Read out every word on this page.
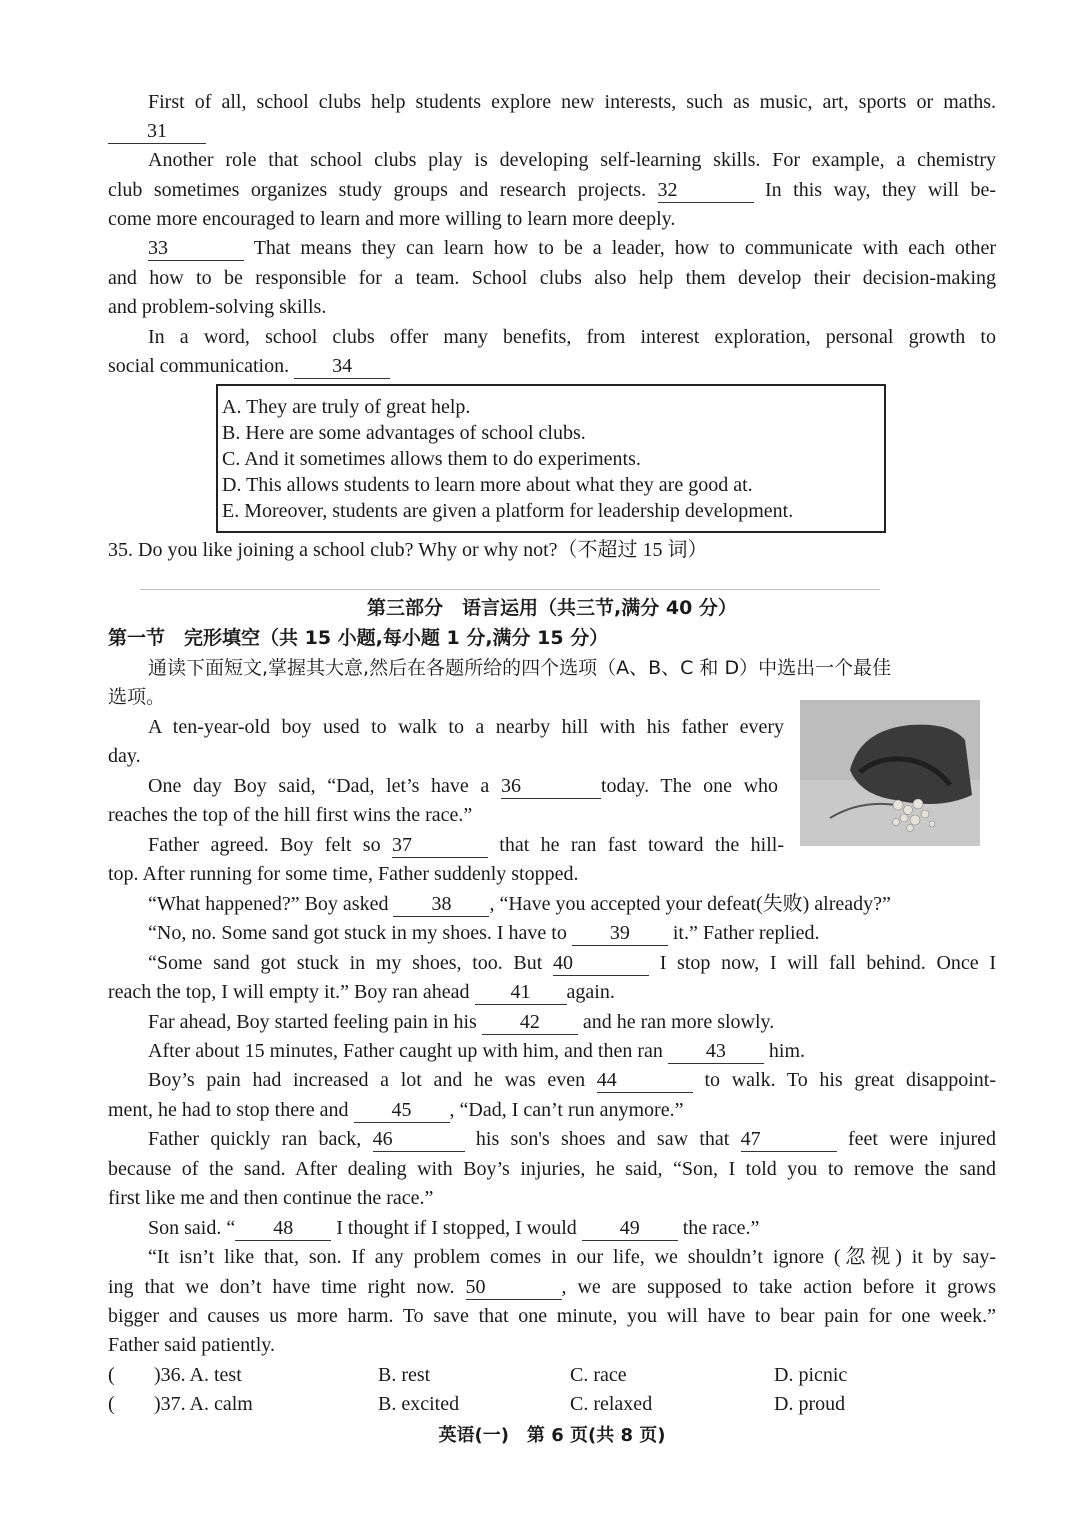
First of all, school clubs help students explore new interests, such as music, art, sports or maths.
31
Another role that school clubs play is developing self-learning skills. For example, a chemistry
club sometimes organizes study groups and research projects. 32	In this way, they will be-
come more encouraged to learn and more willing to learn more deeply.
33	That means they can learn how to be a leader, how to communicate with each other
and how to be responsible for a team. School clubs also help them develop their decision-making
and problem-solving skills.
In a word, school clubs offer many benefits, from interest exploration, personal growth to
social communication. 34
A. They are truly of great help.
B. Here are some advantages of school clubs.
C. And it sometimes allows them to do experiments.
D. This allows students to learn more about what they are good at.
E. Moreover, students are given a platform for leadership development.
35. Do you like joining a school club? Why or why not?（不超过 15 词）
第三部分　语言运用（共三节,满分 40 分）
第一节　完形填空（共 15 小题,每小题 1 分,满分 15 分）
通读下面短文,掌握其大意,然后在各题所给的四个选项（A、B、C 和 D）中选出一个最佳
选项。
A ten-year-old boy used to walk to a nearby hill with his father every
day.
One day Boy said, “Dad, let’s have a 36	today. The one who
reaches the top of the hill first wins the race.”
Father agreed. Boy felt so 37	that he ran fast toward the hill-
top. After running for some time, Father suddenly stopped.
“What happened?” Boy asked 38 , “Have you accepted your defeat(失败) already?”
“No, no. Some sand got stuck in my shoes. I have to 39 it.” Father replied.
“Some sand got stuck in my shoes, too. But 40	I stop now, I will fall behind. Once I
reach the top, I will empty it.” Boy ran ahead 41 again.
Far ahead, Boy started feeling pain in his 42 and he ran more slowly.
After about 15 minutes, Father caught up with him, and then ran 43 him.
Boy’s pain had increased a lot and he was even 44	to walk. To his great disappoint-
ment, he had to stop there and 45 , “Dad, I can’t run anymore.”
Father quickly ran back, 46	his son's shoes and saw that 47	feet were injured
because of the sand. After dealing with Boy’s injuries, he said, “Son, I told you to remove the sand
first like me and then continue the race.”
Son said. “ 48 I thought if I stopped, I would 49 the race.”
“It isn’t like that, son. If any problem comes in our life, we shouldn’t ignore (忽视) it by say-
ing that we don’t have time right now. 50	, we are supposed to take action before it grows
bigger and causes us more harm. To save that one minute, you will have to bear pain for one week.”
Father said patiently.
( )36. A. test	B. rest	C. race	D. picnic
( )37. A. calm	B. excited	C. relaxed	D. proud
英语(一)　第 6 页(共 8 页)
